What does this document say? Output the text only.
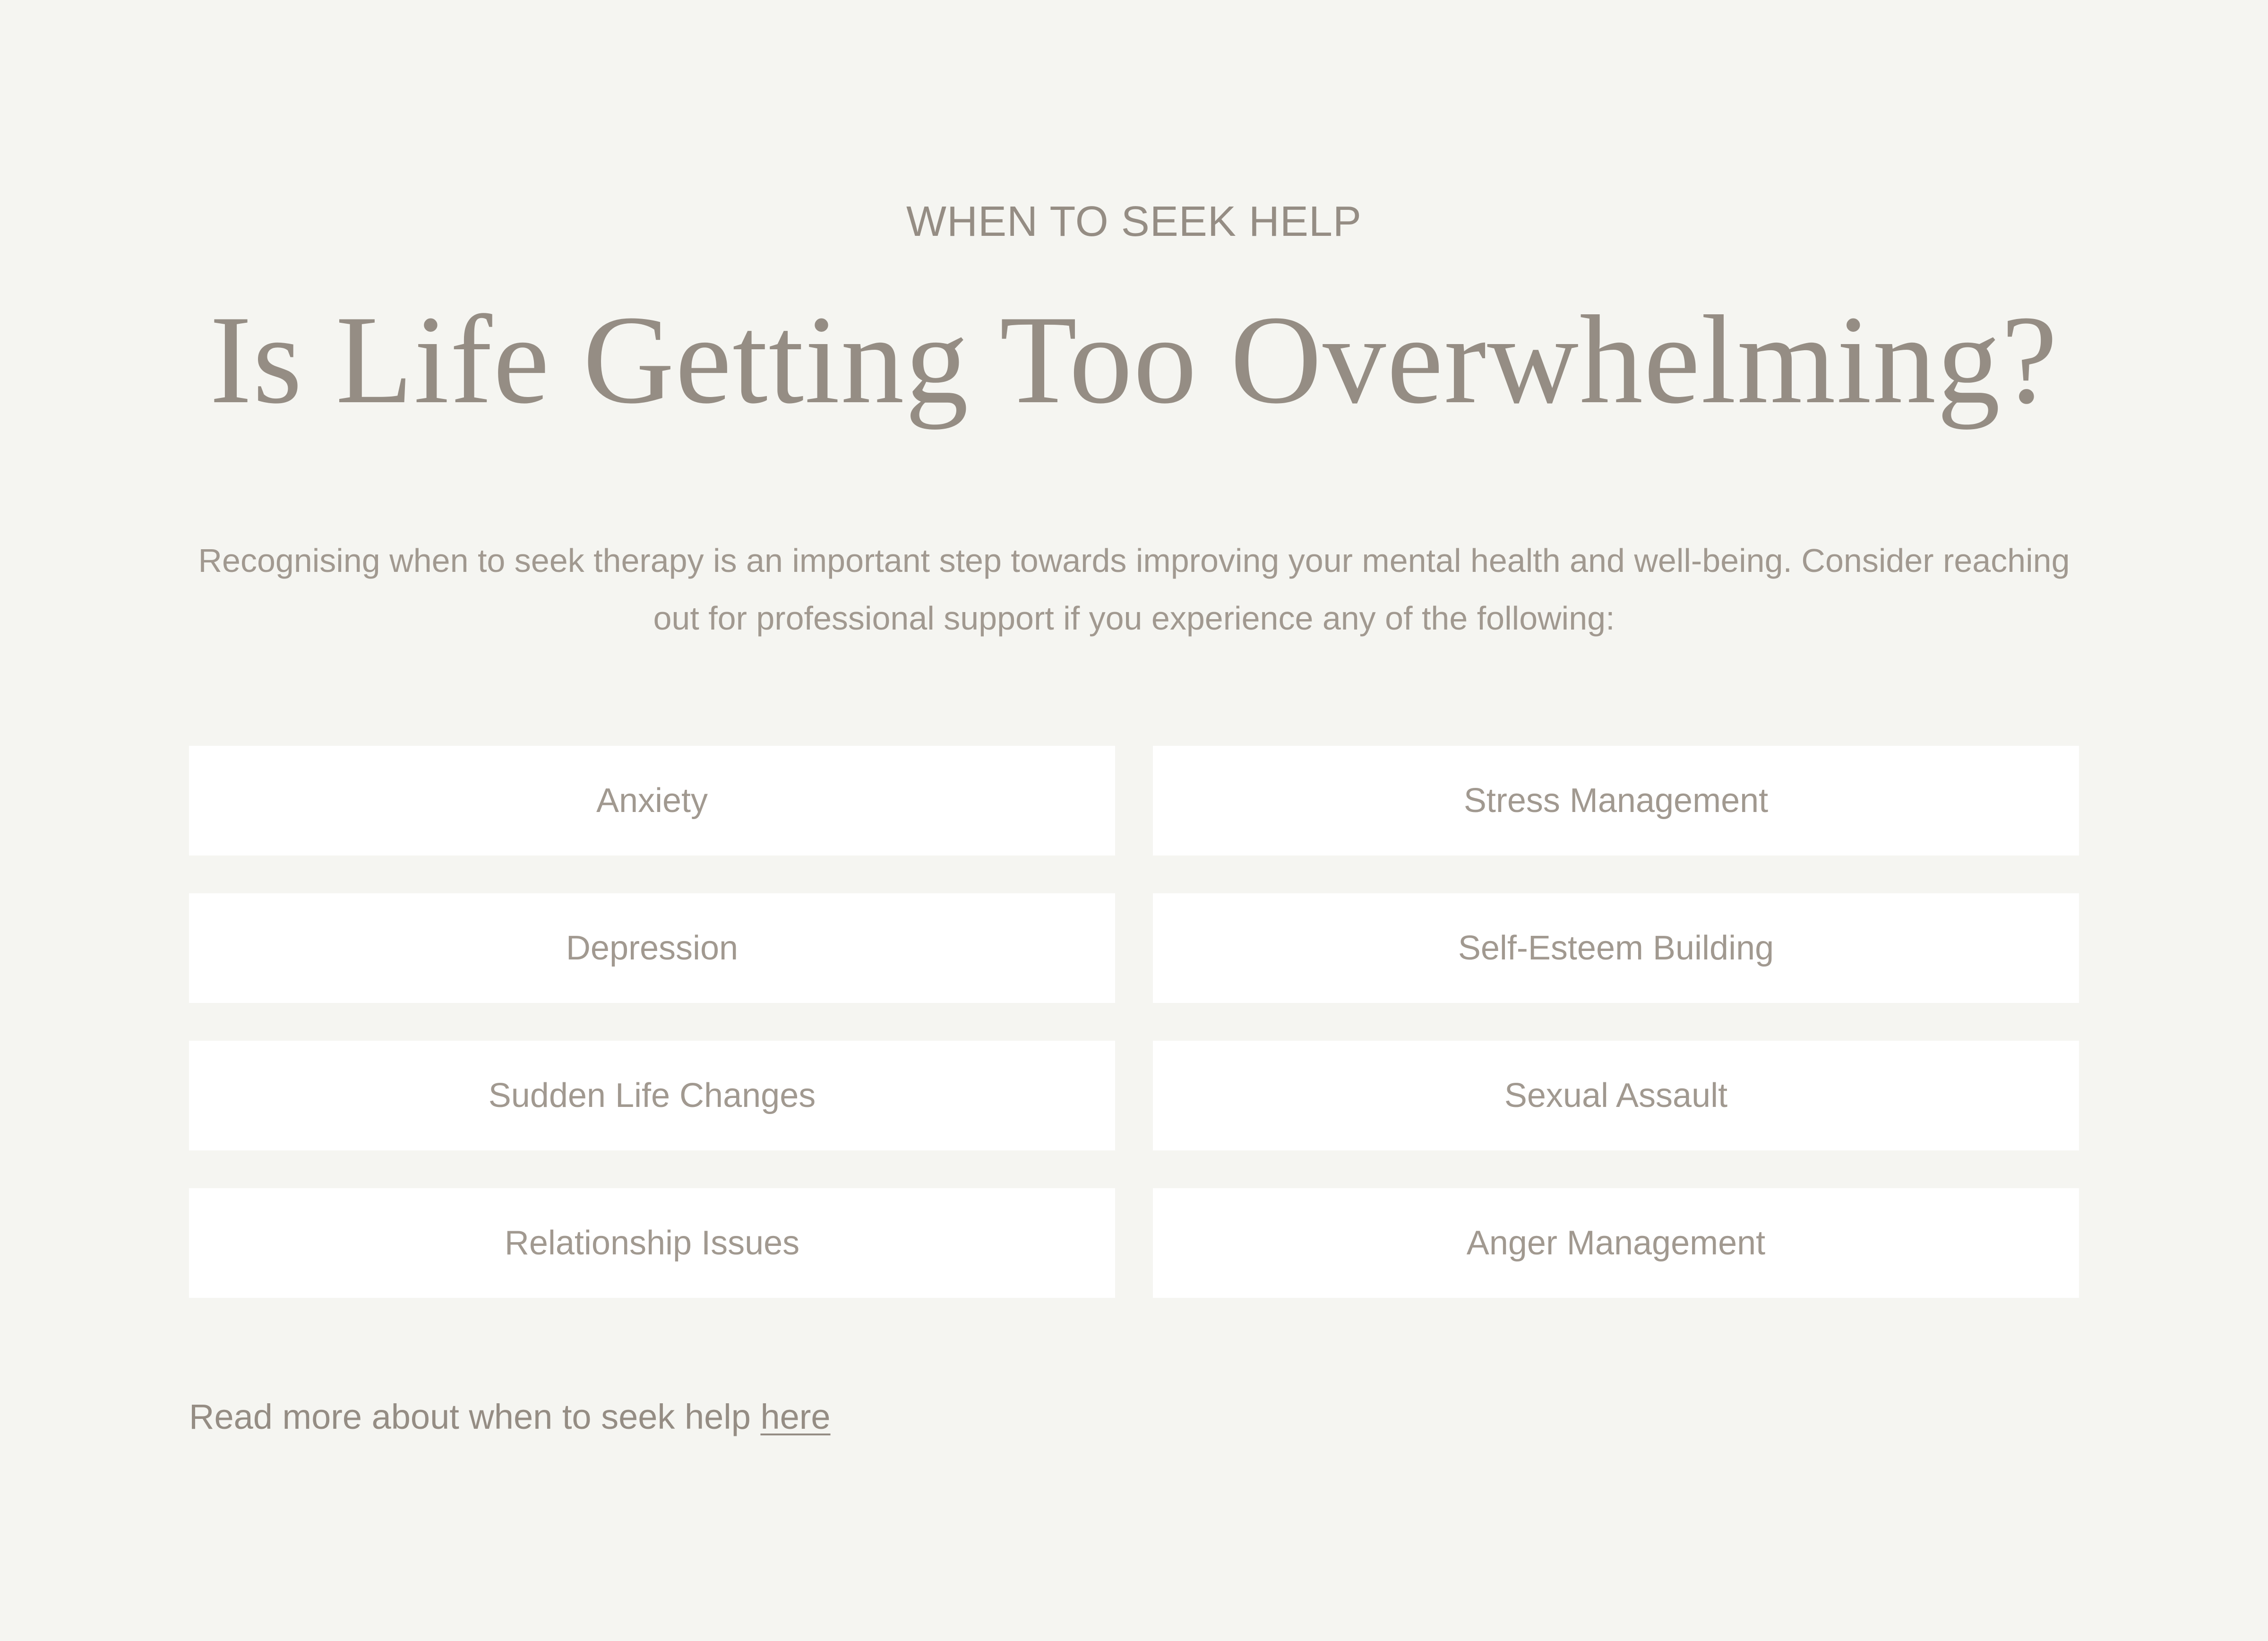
WHEN TO SEEK HELP
Is Life Getting Too Overwhelming?

Recognising when to seek therapy is an important step towards improving your mental health and well-being. Consider reaching out for professional support if you experience any of the following:

Anxiety	Stress Management
Depression	Self-Esteem Building
Sudden Life Changes	Sexual Assault
Relationship Issues	Anger Management

Read more about when to seek help here
